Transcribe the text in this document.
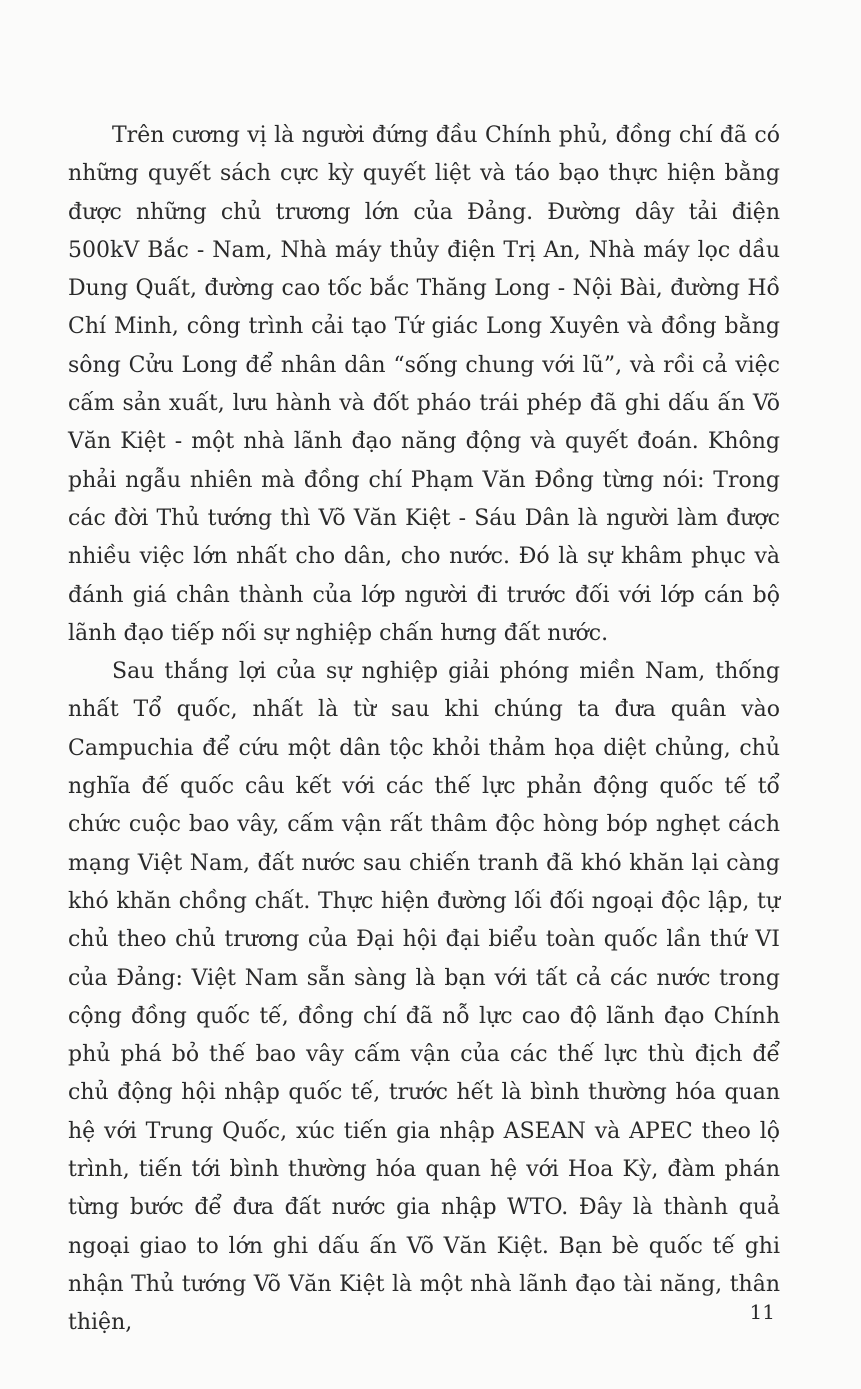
Trên cương vị là người đứng đầu Chính phủ, đồng chí đã có những quyết sách cực kỳ quyết liệt và táo bạo thực hiện bằng được những chủ trương lớn của Đảng. Đường dây tải điện 500kV Bắc - Nam, Nhà máy thủy điện Trị An, Nhà máy lọc dầu Dung Quất, đường cao tốc bắc Thăng Long - Nội Bài, đường Hồ Chí Minh, công trình cải tạo Tứ giác Long Xuyên và đồng bằng sông Cửu Long để nhân dân “sống chung với lũ”, và rồi cả việc cấm sản xuất, lưu hành và đốt pháo trái phép đã ghi dấu ấn Võ Văn Kiệt - một nhà lãnh đạo năng động và quyết đoán. Không phải ngẫu nhiên mà đồng chí Phạm Văn Đồng từng nói: Trong các đời Thủ tướng thì Võ Văn Kiệt - Sáu Dân là người làm được nhiều việc lớn nhất cho dân, cho nước. Đó là sự khâm phục và đánh giá chân thành của lớp người đi trước đối với lớp cán bộ lãnh đạo tiếp nối sự nghiệp chấn hưng đất nước.

Sau thắng lợi của sự nghiệp giải phóng miền Nam, thống nhất Tổ quốc, nhất là từ sau khi chúng ta đưa quân vào Campuchia để cứu một dân tộc khỏi thảm họa diệt chủng, chủ nghĩa đế quốc câu kết với các thế lực phản động quốc tế tổ chức cuộc bao vây, cấm vận rất thâm độc hòng bóp nghẹt cách mạng Việt Nam, đất nước sau chiến tranh đã khó khăn lại càng khó khăn chồng chất. Thực hiện đường lối đối ngoại độc lập, tự chủ theo chủ trương của Đại hội đại biểu toàn quốc lần thứ VI của Đảng: Việt Nam sẵn sàng là bạn với tất cả các nước trong cộng đồng quốc tế, đồng chí đã nỗ lực cao độ lãnh đạo Chính phủ phá bỏ thế bao vây cấm vận của các thế lực thù địch để chủ động hội nhập quốc tế, trước hết là bình thường hóa quan hệ với Trung Quốc, xúc tiến gia nhập ASEAN và APEC theo lộ trình, tiến tới bình thường hóa quan hệ với Hoa Kỳ, đàm phán từng bước để đưa đất nước gia nhập WTO. Đây là thành quả ngoại giao to lớn ghi dấu ấn Võ Văn Kiệt. Bạn bè quốc tế ghi nhận Thủ tướng Võ Văn Kiệt là một nhà lãnh đạo tài năng, thân thiện,	11
